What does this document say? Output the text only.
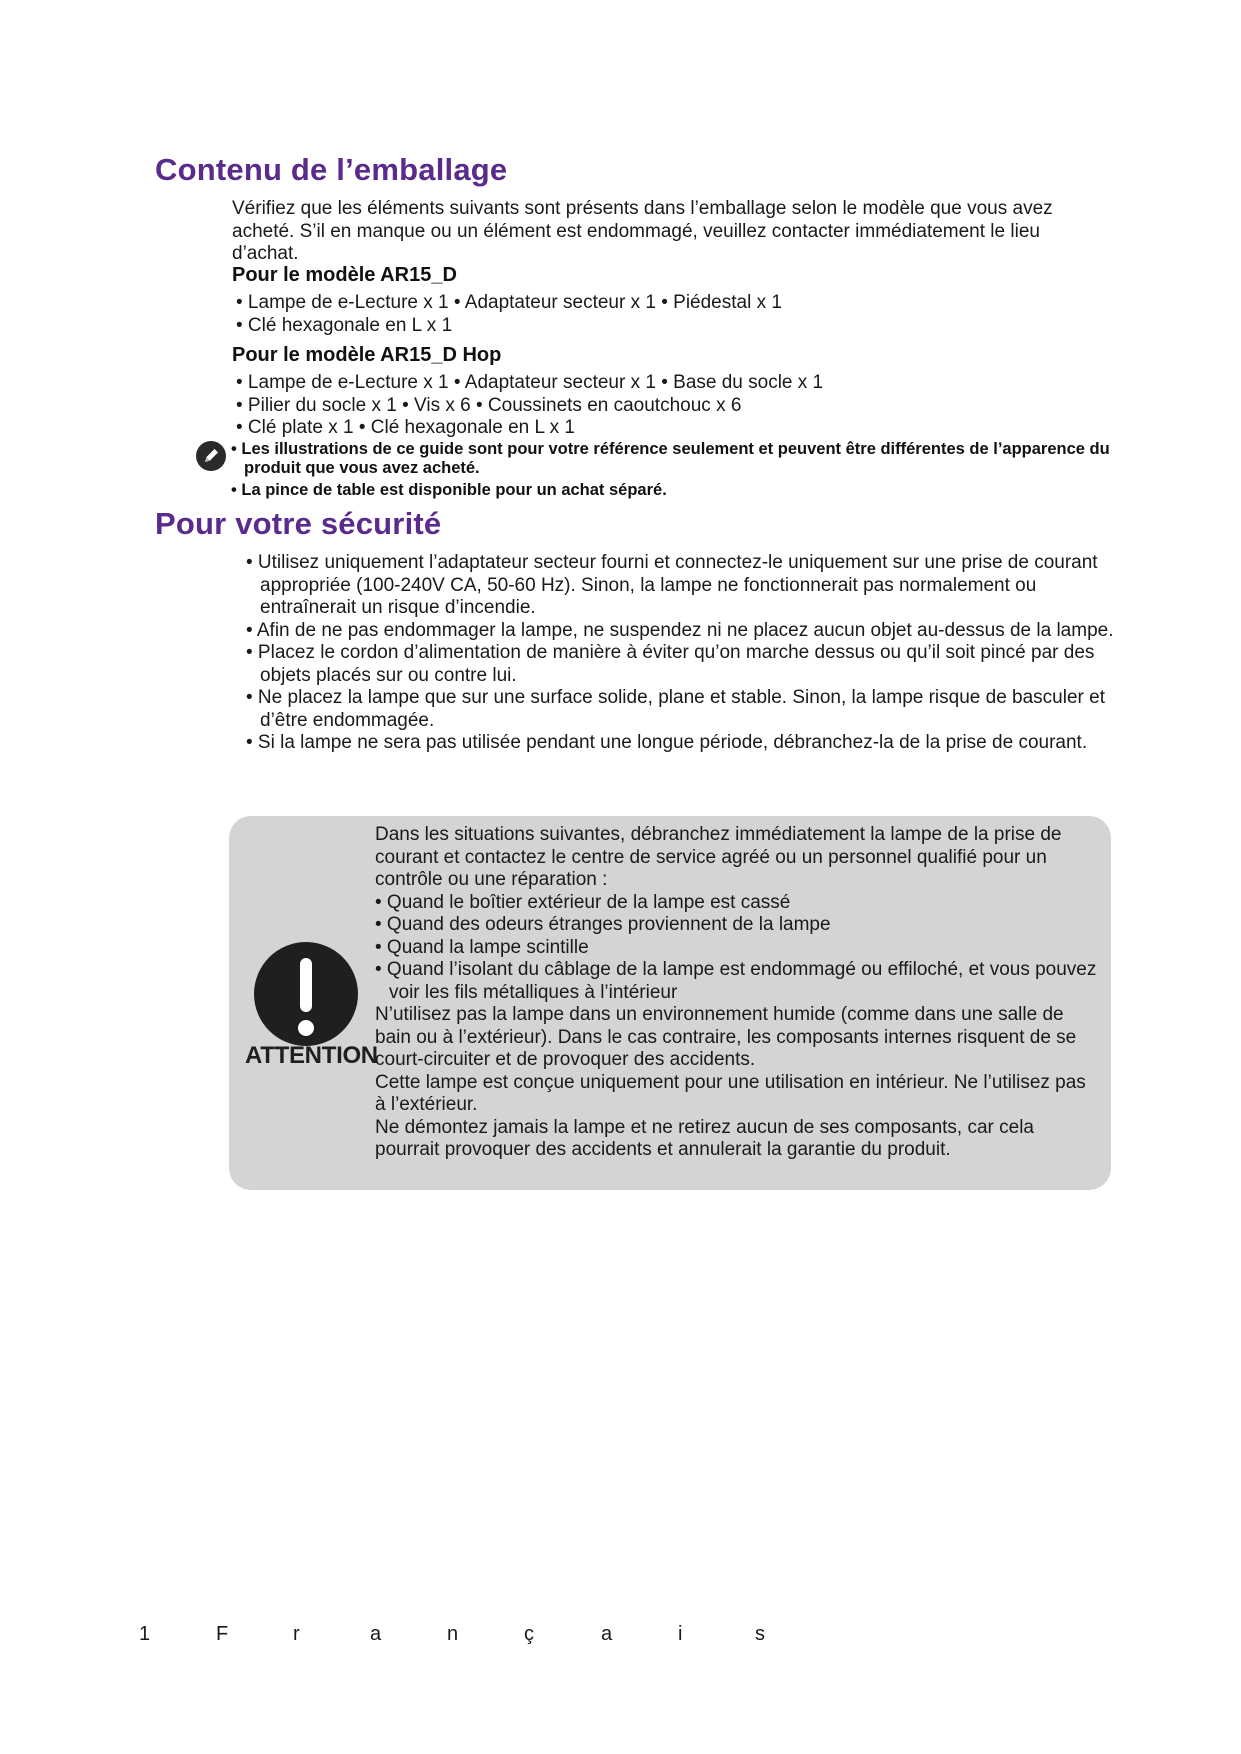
Contenu de l’emballage
Vérifiez que les éléments suivants sont présents dans l’emballage selon le modèle que vous avez acheté. S’il en manque ou un élément est endommagé, veuillez contacter immédiatement le lieu d’achat.
Pour le modèle AR15_D
• Lampe de e-Lecture x 1 • Adaptateur secteur x 1 • Piédestal x 1
• Clé hexagonale en L x 1
Pour le modèle AR15_D Hop
• Lampe de e-Lecture x 1 • Adaptateur secteur x 1 • Base du socle x 1
• Pilier du socle x 1 • Vis x 6 • Coussinets en caoutchouc x 6
• Clé plate x 1 • Clé hexagonale en L x 1
• Les illustrations de ce guide sont pour votre référence seulement et peuvent être différentes de l’apparence du produit que vous avez acheté.
• La pince de table est disponible pour un achat séparé.
Pour votre sécurité
• Utilisez uniquement l’adaptateur secteur fourni et connectez-le uniquement sur une prise de courant appropriée (100-240V CA, 50-60 Hz). Sinon, la lampe ne fonctionnerait pas normalement ou entraînerait un risque d’incendie.
• Afin de ne pas endommager la lampe, ne suspendez ni ne placez aucun objet au-dessus de la lampe.
• Placez le cordon d’alimentation de manière à éviter qu’on marche dessus ou qu’il soit pincé par des objets placés sur ou contre lui.
• Ne placez la lampe que sur une surface solide, plane et stable. Sinon, la lampe risque de basculer et d’être endommagée.
• Si la lampe ne sera pas utilisée pendant une longue période, débranchez-la de la prise de courant.
ATTENTION
Dans les situations suivantes, débranchez immédiatement la lampe de la prise de courant et contactez le centre de service agréé ou un personnel qualifié pour un contrôle ou une réparation :
• Quand le boîtier extérieur de la lampe est cassé
• Quand des odeurs étranges proviennent de la lampe
• Quand la lampe scintille
• Quand l’isolant du câblage de la lampe est endommagé ou effiloché, et vous pouvez voir les fils métalliques à l’intérieur
N’utilisez pas la lampe dans un environnement humide (comme dans une salle de bain ou à l’extérieur). Dans le cas contraire, les composants internes risquent de se court-circuiter et de provoquer des accidents.
Cette lampe est conçue uniquement pour une utilisation en intérieur. Ne l’utilisez pas à l’extérieur.
Ne démontez jamais la lampe et ne retirez aucun de ses composants, car cela pourrait provoquer des accidents et annulerait la garantie du produit.
1	F	r	a	n	ç	a	i	s
